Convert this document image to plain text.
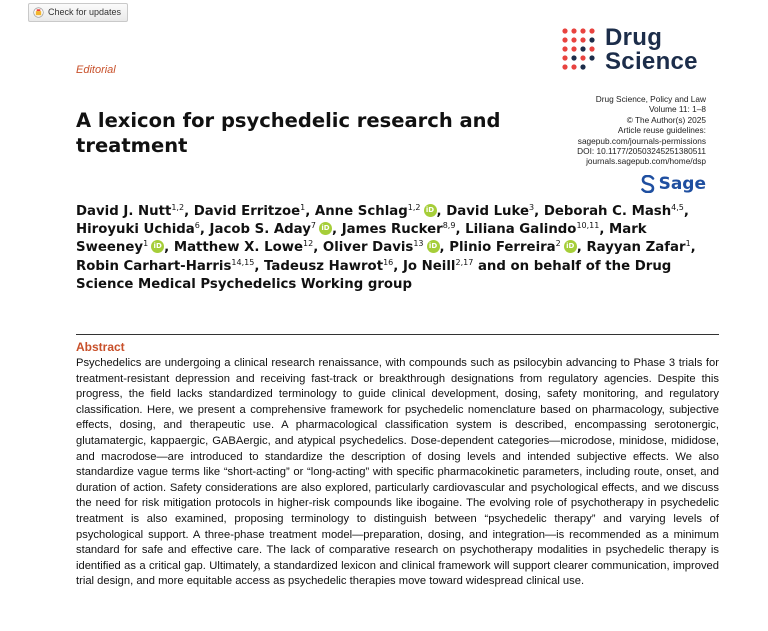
Check for updates
Drug
Science
Editorial
A lexicon for psychedelic research and treatment
Drug Science, Policy and Law
Volume 11: 1–8
© The Author(s) 2025
Article reuse guidelines:
sagepub.com/journals-permissions
DOI: 10.1177/20503245251380511
journals.sagepub.com/home/dsp
Sage
David J. Nutt$^{1,2}$, David Erritzoe$^1$, Anne Schlag$^{1,2}$ iD , David Luke$^3$, Deborah C. Mash$^{4,5}$, Hiroyuki Uchida$^6$, Jacob S. Aday$^7$ iD , James Rucker$^{8,9}$, Liliana Galindo$^{10,11}$, Mark Sweeney$^1$ iD , Matthew X. Lowe$^{12}$, Oliver Davis$^{13}$ iD , Plinio Ferreira$^2$ iD , Rayyan Zafar$^1$, Robin Carhart-Harris$^{14,15}$, Tadeusz Hawrot$^{16}$, Jo Neill$^{2,17}$ and on behalf of the Drug Science Medical Psychedelics Working group
Abstract

Psychedelics are undergoing a clinical research renaissance, with compounds such as psilocybin advancing to Phase 3 trials for treatment-resistant depression and receiving fast-track or breakthrough designations from regulatory agencies. Despite this progress, the field lacks standardized terminology to guide clinical development, dosing, safety monitoring, and regulatory classification. Here, we present a comprehensive framework for psychedelic nomenclature based on pharmacology, subjective effects, dosing, and therapeutic use. A pharmacological classification system is described, encompassing serotonergic, glutamatergic, kappaergic, GABAergic, and atypical psychedelics. Dose-dependent categories—microdose, minidose, mididose, and macrodose—are introduced to standardize the description of dosing levels and intended subjective effects. We also standardize vague terms like “short-acting” or “long-acting” with specific pharmacokinetic parameters, including route, onset, and duration of action. Safety considerations are also explored, particularly cardiovascular and psychological effects, and we discuss the need for risk mitigation protocols in higher-risk compounds like ibogaine. The evolving role of psychotherapy in psychedelic treatment is also examined, proposing terminology to distinguish between “psychedelic therapy” and varying levels of psychological support. A three-phase treatment model—preparation, dosing, and integration—is recommended as a minimum standard for safe and effective care. The lack of comparative research on psychotherapy modalities in psychedelic therapy is identified as a critical gap. Ultimately, a standardized lexicon and clinical framework will support clearer communication, improved trial design, and more equitable access as psychedelic therapies move toward widespread clinical use.
